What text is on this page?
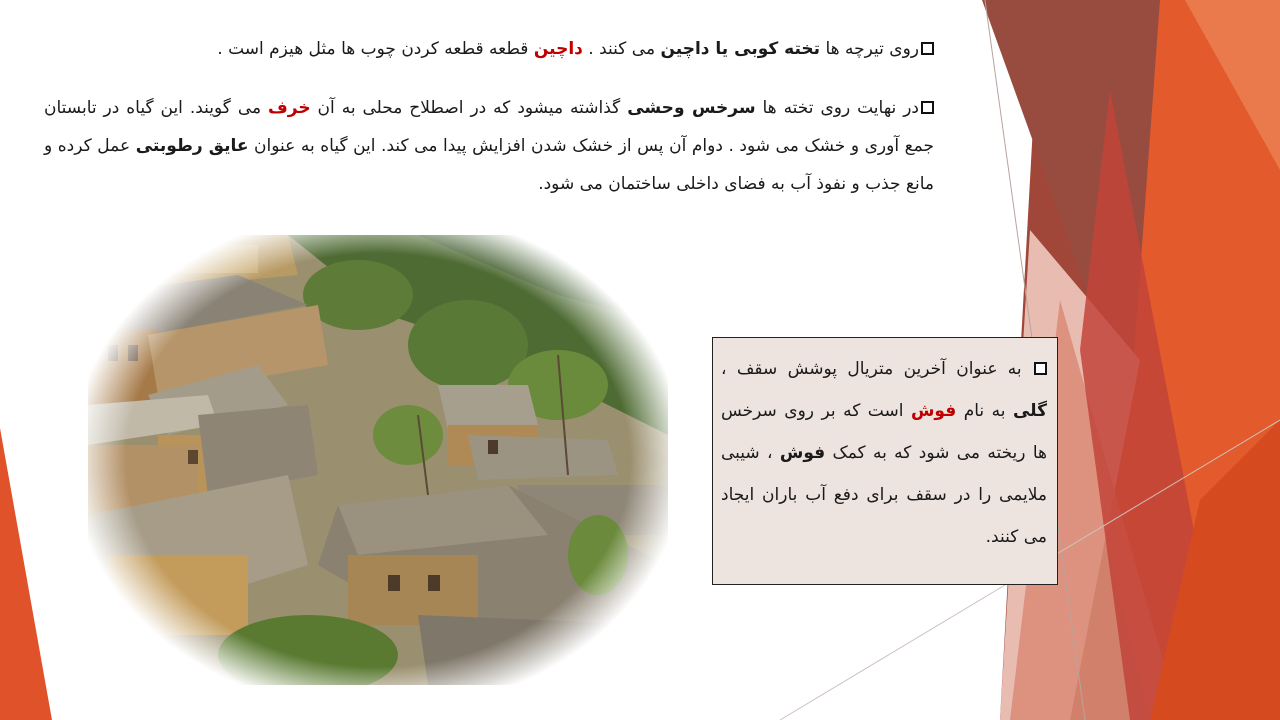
روی تیرچه ها تخته کوبی یا داچین می کنند . داچین قطعه قطعه کردن چوب ها مثل هیزم است .

در نهایت روی تخته ها سرخس وحشی گذاشته میشود که در اصطلاح محلی به آن خرف می گویند. این گیاه در تابستان جمع آوری و خشک می شود . دوام آن پس از خشک شدن افزایش پیدا می کند. این گیاه به عنوان عایق رطوبتی عمل کرده و مانع جذب و نفوذ آب به فضای داخلی ساختمان می شود.

به عنوان آخرین متریال پوشش سقف ، گلی به نام فوش است که بر روی سرخس ها ریخته می شود که به کمک فوش ، شیبی ملایمی را در سقف برای دفع آب باران ایجاد می کنند.
